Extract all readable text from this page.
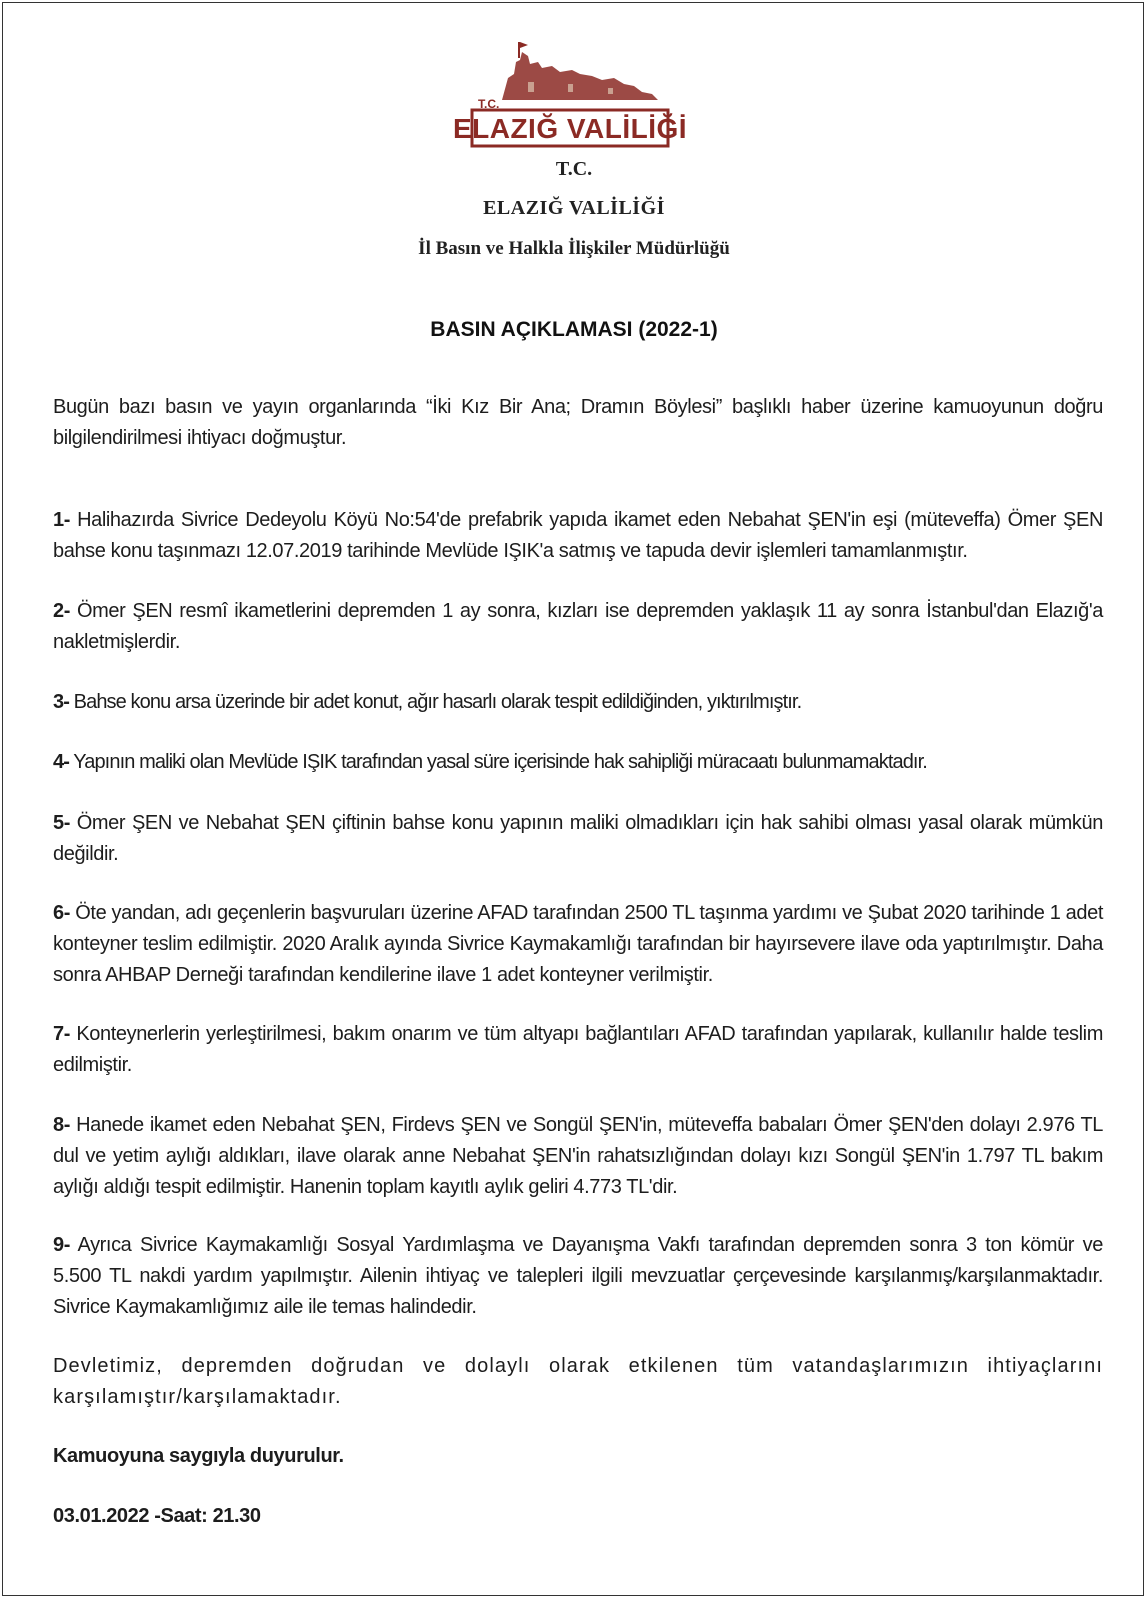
T.C.
ELAZIĞ VALİLİĞİ
T.C.
ELAZIĞ VALİLİĞİ
İl Basın ve Halkla İlişkiler Müdürlüğü
BASIN AÇIKLAMASI (2022-1)
Bugün bazı basın ve yayın organlarında “İki Kız Bir Ana; Dramın Böylesi” başlıklı haber üzerine kamuoyunun doğru bilgilendirilmesi ihtiyacı doğmuştur.
1- Halihazırda Sivrice Dedeyolu Köyü No:54'de prefabrik yapıda ikamet eden Nebahat ŞEN'in eşi (müteveffa) Ömer ŞEN bahse konu taşınmazı 12.07.2019 tarihinde Mevlüde IŞIK'a satmış ve tapuda devir işlemleri tamamlanmıştır.
2- Ömer ŞEN resmî ikametlerini depremden 1 ay sonra, kızları ise depremden yaklaşık 11 ay sonra İstanbul'dan Elazığ'a nakletmişlerdir.
3- Bahse konu arsa üzerinde bir adet konut, ağır hasarlı olarak tespit edildiğinden, yıktırılmıştır.
4- Yapının maliki olan Mevlüde IŞIK tarafından yasal süre içerisinde hak sahipliği müracaatı bulunmamaktadır.
5- Ömer ŞEN ve Nebahat ŞEN çiftinin bahse konu yapının maliki olmadıkları için hak sahibi olması yasal olarak mümkün değildir.
6- Öte yandan, adı geçenlerin başvuruları üzerine AFAD tarafından 2500 TL taşınma yardımı ve Şubat 2020 tarihinde 1 adet konteyner teslim edilmiştir. 2020 Aralık ayında Sivrice Kaymakamlığı tarafından bir hayırsevere ilave oda yaptırılmıştır. Daha sonra AHBAP Derneği tarafından kendilerine ilave 1 adet konteyner verilmiştir.
7- Konteynerlerin yerleştirilmesi, bakım onarım ve tüm altyapı bağlantıları AFAD tarafından yapılarak, kullanılır halde teslim edilmiştir.
8- Hanede ikamet eden Nebahat ŞEN, Firdevs ŞEN ve Songül ŞEN'in, müteveffa babaları Ömer ŞEN'den dolayı 2.976 TL dul ve yetim aylığı aldıkları, ilave olarak anne Nebahat ŞEN'in rahatsızlığından dolayı kızı Songül ŞEN'in 1.797 TL bakım aylığı aldığı tespit edilmiştir. Hanenin toplam kayıtlı aylık geliri 4.773 TL'dir.
9- Ayrıca Sivrice Kaymakamlığı Sosyal Yardımlaşma ve Dayanışma Vakfı tarafından depremden sonra 3 ton kömür ve 5.500 TL nakdi yardım yapılmıştır. Ailenin ihtiyaç ve talepleri ilgili mevzuatlar çerçevesinde karşılanmış/karşılanmaktadır. Sivrice Kaymakamlığımız aile ile temas halindedir.
Devletimiz, depremden doğrudan ve dolaylı olarak etkilenen tüm vatandaşlarımızın ihtiyaçlarını karşılamıştır/karşılamaktadır.
Kamuoyuna saygıyla duyurulur.
03.01.2022 -Saat: 21.30
